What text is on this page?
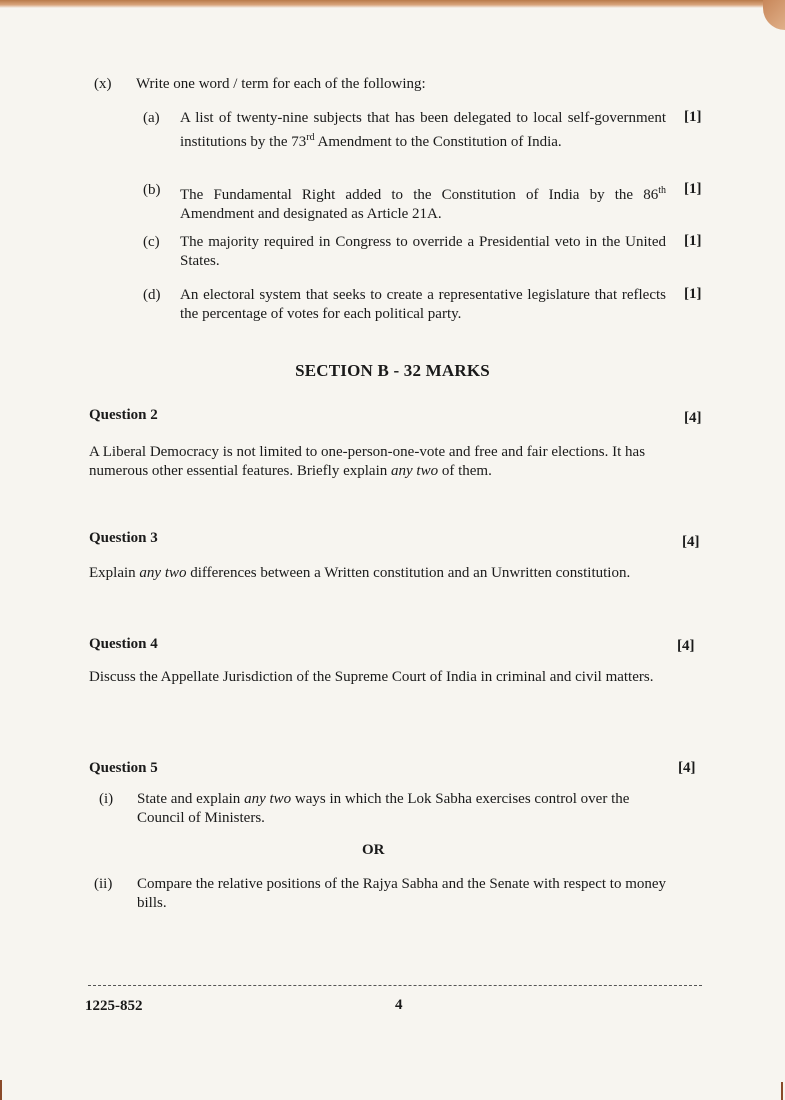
(x) Write one word / term for each of the following:
(a) A list of twenty-nine subjects that has been delegated to local self-government institutions by the 73rd Amendment to the Constitution of India.
[1]
(b) The Fundamental Right added to the Constitution of India by the 86th Amendment and designated as Article 21A.
[1]
(c) The majority required in Congress to override a Presidential veto in the United States.
[1]
(d) An electoral system that seeks to create a representative legislature that reflects the percentage of votes for each political party.
[1]
SECTION B - 32 MARKS
Question 2	[4]
A Liberal Democracy is not limited to one-person-one-vote and free and fair elections. It has numerous other essential features. Briefly explain any two of them.
Question 3	[4]
Explain any two differences between a Written constitution and an Unwritten constitution.
Question 4	[4]
Discuss the Appellate Jurisdiction of the Supreme Court of India in criminal and civil matters.
Question 5	[4]
(i) State and explain any two ways in which the Lok Sabha exercises control over the Council of Ministers.
OR
(ii) Compare the relative positions of the Rajya Sabha and the Senate with respect to money bills.
1225-852	4
